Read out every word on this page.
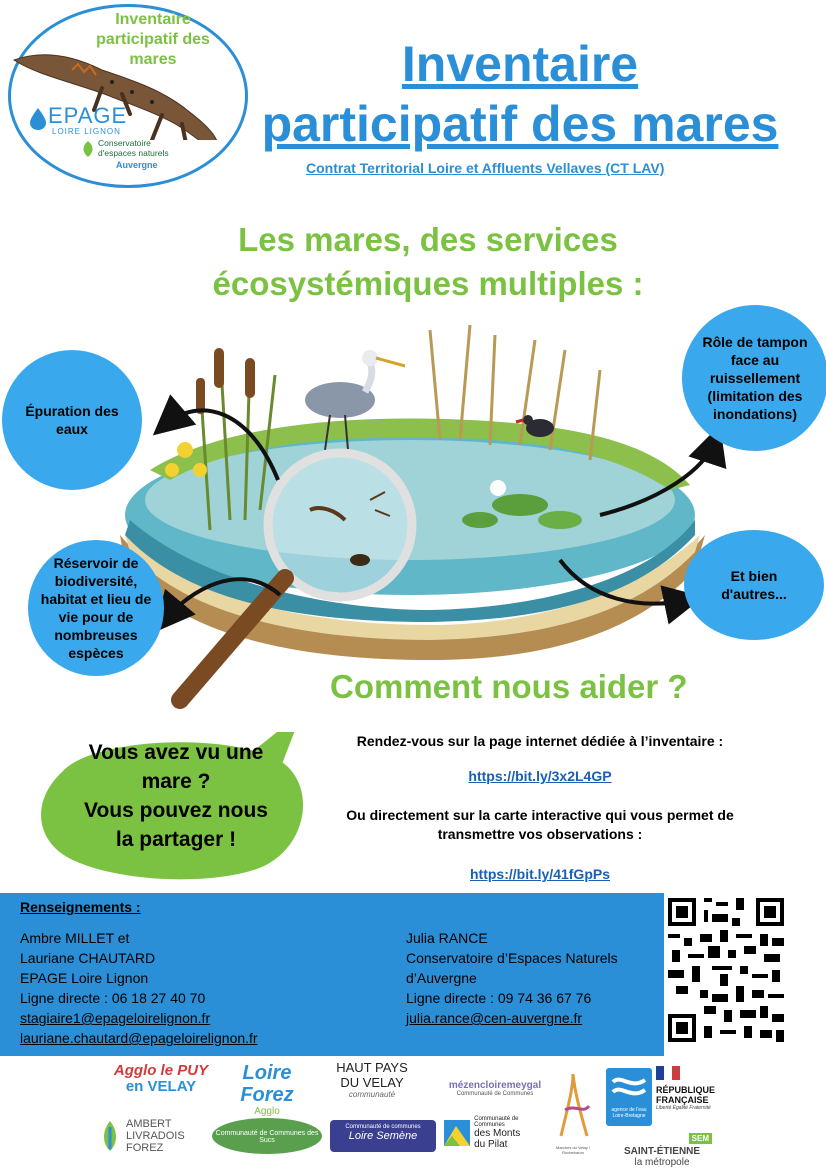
Inventaire participatif des mares
EPAGE
LOIRE LIGNON
Conservatoire
d'espaces naturels
Auvergne
Inventaire
participatif des mares
Contrat Territorial Loire et Affluents Vellaves (CT LAV)
Les mares, des services
écosystémiques multiples :
Épuration des eaux
Rôle de tampon face au ruissellement (limitation des inondations)
Réservoir de biodiversité, habitat et lieu de vie pour de nombreuses espèces
Et bien d'autres...
Comment nous aider ?
Vous avez vu une
mare ?
Vous pouvez nous
la partager !
Rendez-vous sur la page internet dédiée à l’inventaire :
https://bit.ly/3x2L4GP
Ou directement sur la carte interactive qui vous permet de
transmettre vos observations :
https://bit.ly/41fGpPs
Renseignements :
Ambre MILLET et
Lauriane CHAUTARD
EPAGE Loire Lignon
Ligne directe : 06 18 27 40 70
stagiaire1@epageloirelignon.fr
lauriane.chautard@epageloirelignon.fr
Julia RANCE
Conservatoire d’Espaces Naturels
d’Auvergne
Ligne directe : 09 74 36 67 76
julia.rance@cen-auvergne.fr
Agglo le PUY
en VELAY
AMBERT
LIVRADOIS
FOREZ
Loire Forez
Agglo
Communauté de Communes des Sucs
HAUT PAYS
DU VELAY
communauté
Communauté de communes
Loire Semène
mézencloiremeygal
Communauté de Communes
Communauté de Communes
des Monts
du Pilat	Marches du Velay / Rochebaron
agence de l'eau Loire-Bretagne
RÉPUBLIQUE
FRANÇAISE
Liberté Égalité Fraternité
SEM
SAINT-ÉTIENNE
la métropole
